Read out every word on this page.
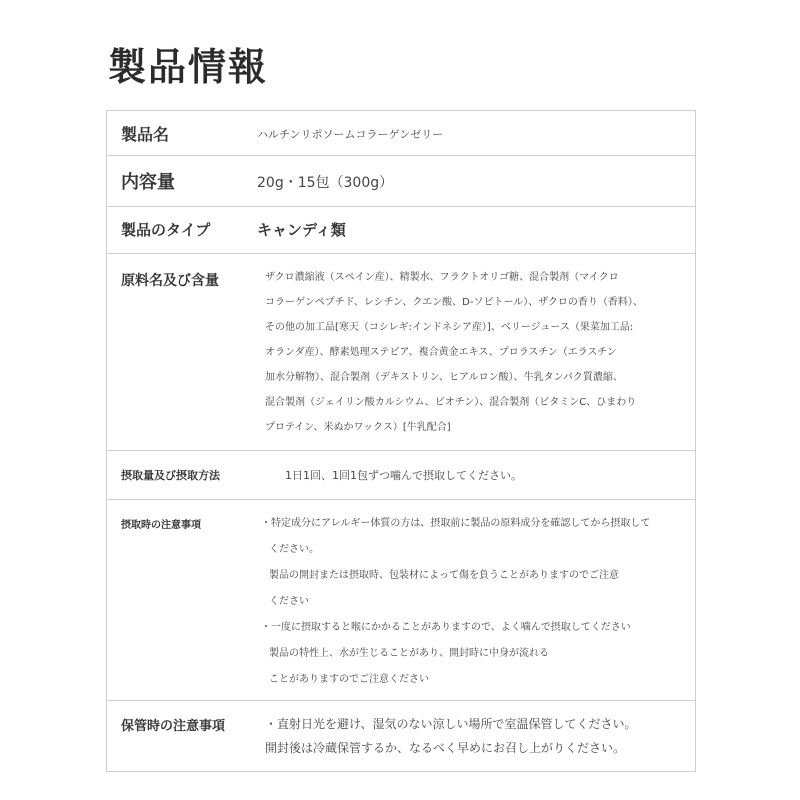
製品情報
製品名	ハルチンリポソームコラーゲンゼリー
内容量	20g・15包（300g）
製品のタイプ	キャンディ類
原料名及び含量	ザクロ濃縮液（スペイン産）、精製水、フラクトオリゴ糖、混合製剤（マイクロ
コラーゲンペプチド、レシチン、クエン酸、D-ソビトール）、ザクロの香り（香料）、
その他の加工品[寒天（コシレギ:インドネシア産）]、ベリージュース（果菜加工品:
オランダ産）、酵素処理ステビア、複合黄金エキス、プロラスチン（エラスチン
加水分解物）、混合製剤（デキストリン、ヒアルロン酸）、牛乳タンパク質濃縮、
混合製剤（ジェイリン酸カルシウム、ビオチン）、混合製剤（ビタミンC、ひまわり
プロテイン、米ぬかワックス）[牛乳配合]
摂取量及び摂取方法	1日1回、1回1包ずつ噛んで摂取してください。
摂取時の注意事項	・特定成分にアレルギー体質の方は、摂取前に製品の原料成分を確認してから摂取して
ください。
製品の開封または摂取時、包装材によって傷を負うことがありますのでご注意
ください
・一度に摂取すると喉にかかることがありますので、よく噛んで摂取してください
製品の特性上、水が生じることがあり、開封時に中身が流れる
ことがありますのでご注意ください
保管時の注意事項	・直射日光を避け、湿気のない涼しい場所で室温保管してください。
開封後は冷蔵保管するか、なるべく早めにお召し上がりください。
